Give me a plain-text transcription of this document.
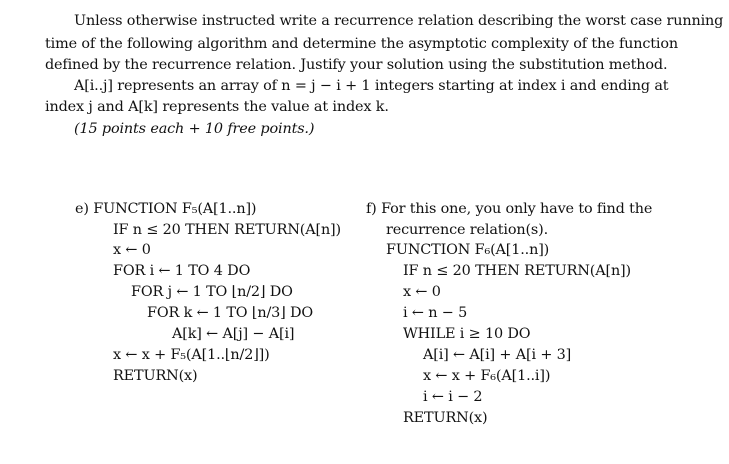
Unless otherwise instructed write a recurrence relation describing the worst case running
time of the following algorithm and determine the asymptotic complexity of the function
defined by the recurrence relation. Justify your solution using the substitution method.
A[i..j] represents an array of n = j − i + 1 integers starting at index i and ending at
index j and A[k] represents the value at index k.
(15 points each + 10 free points.)
e) FUNCTION F₅(A[1..n])
IF n ≤ 20 THEN RETURN(A[n])
x ← 0
FOR i ← 1 TO 4 DO
FOR j ← 1 TO ⌊n/2⌋ DO
FOR k ← 1 TO ⌊n/3⌋ DO
A[k] ← A[j] − A[i]
x ← x + F₅(A[1..⌊n/2⌋])
RETURN(x)
f) For this one, you only have to find the
recurrence relation(s).
FUNCTION F₆(A[1..n])
IF n ≤ 20 THEN RETURN(A[n])
x ← 0
i ← n − 5
WHILE i ≥ 10 DO
A[i] ← A[i] + A[i + 3]
x ← x + F₆(A[1..i])
i ← i − 2
RETURN(x)
